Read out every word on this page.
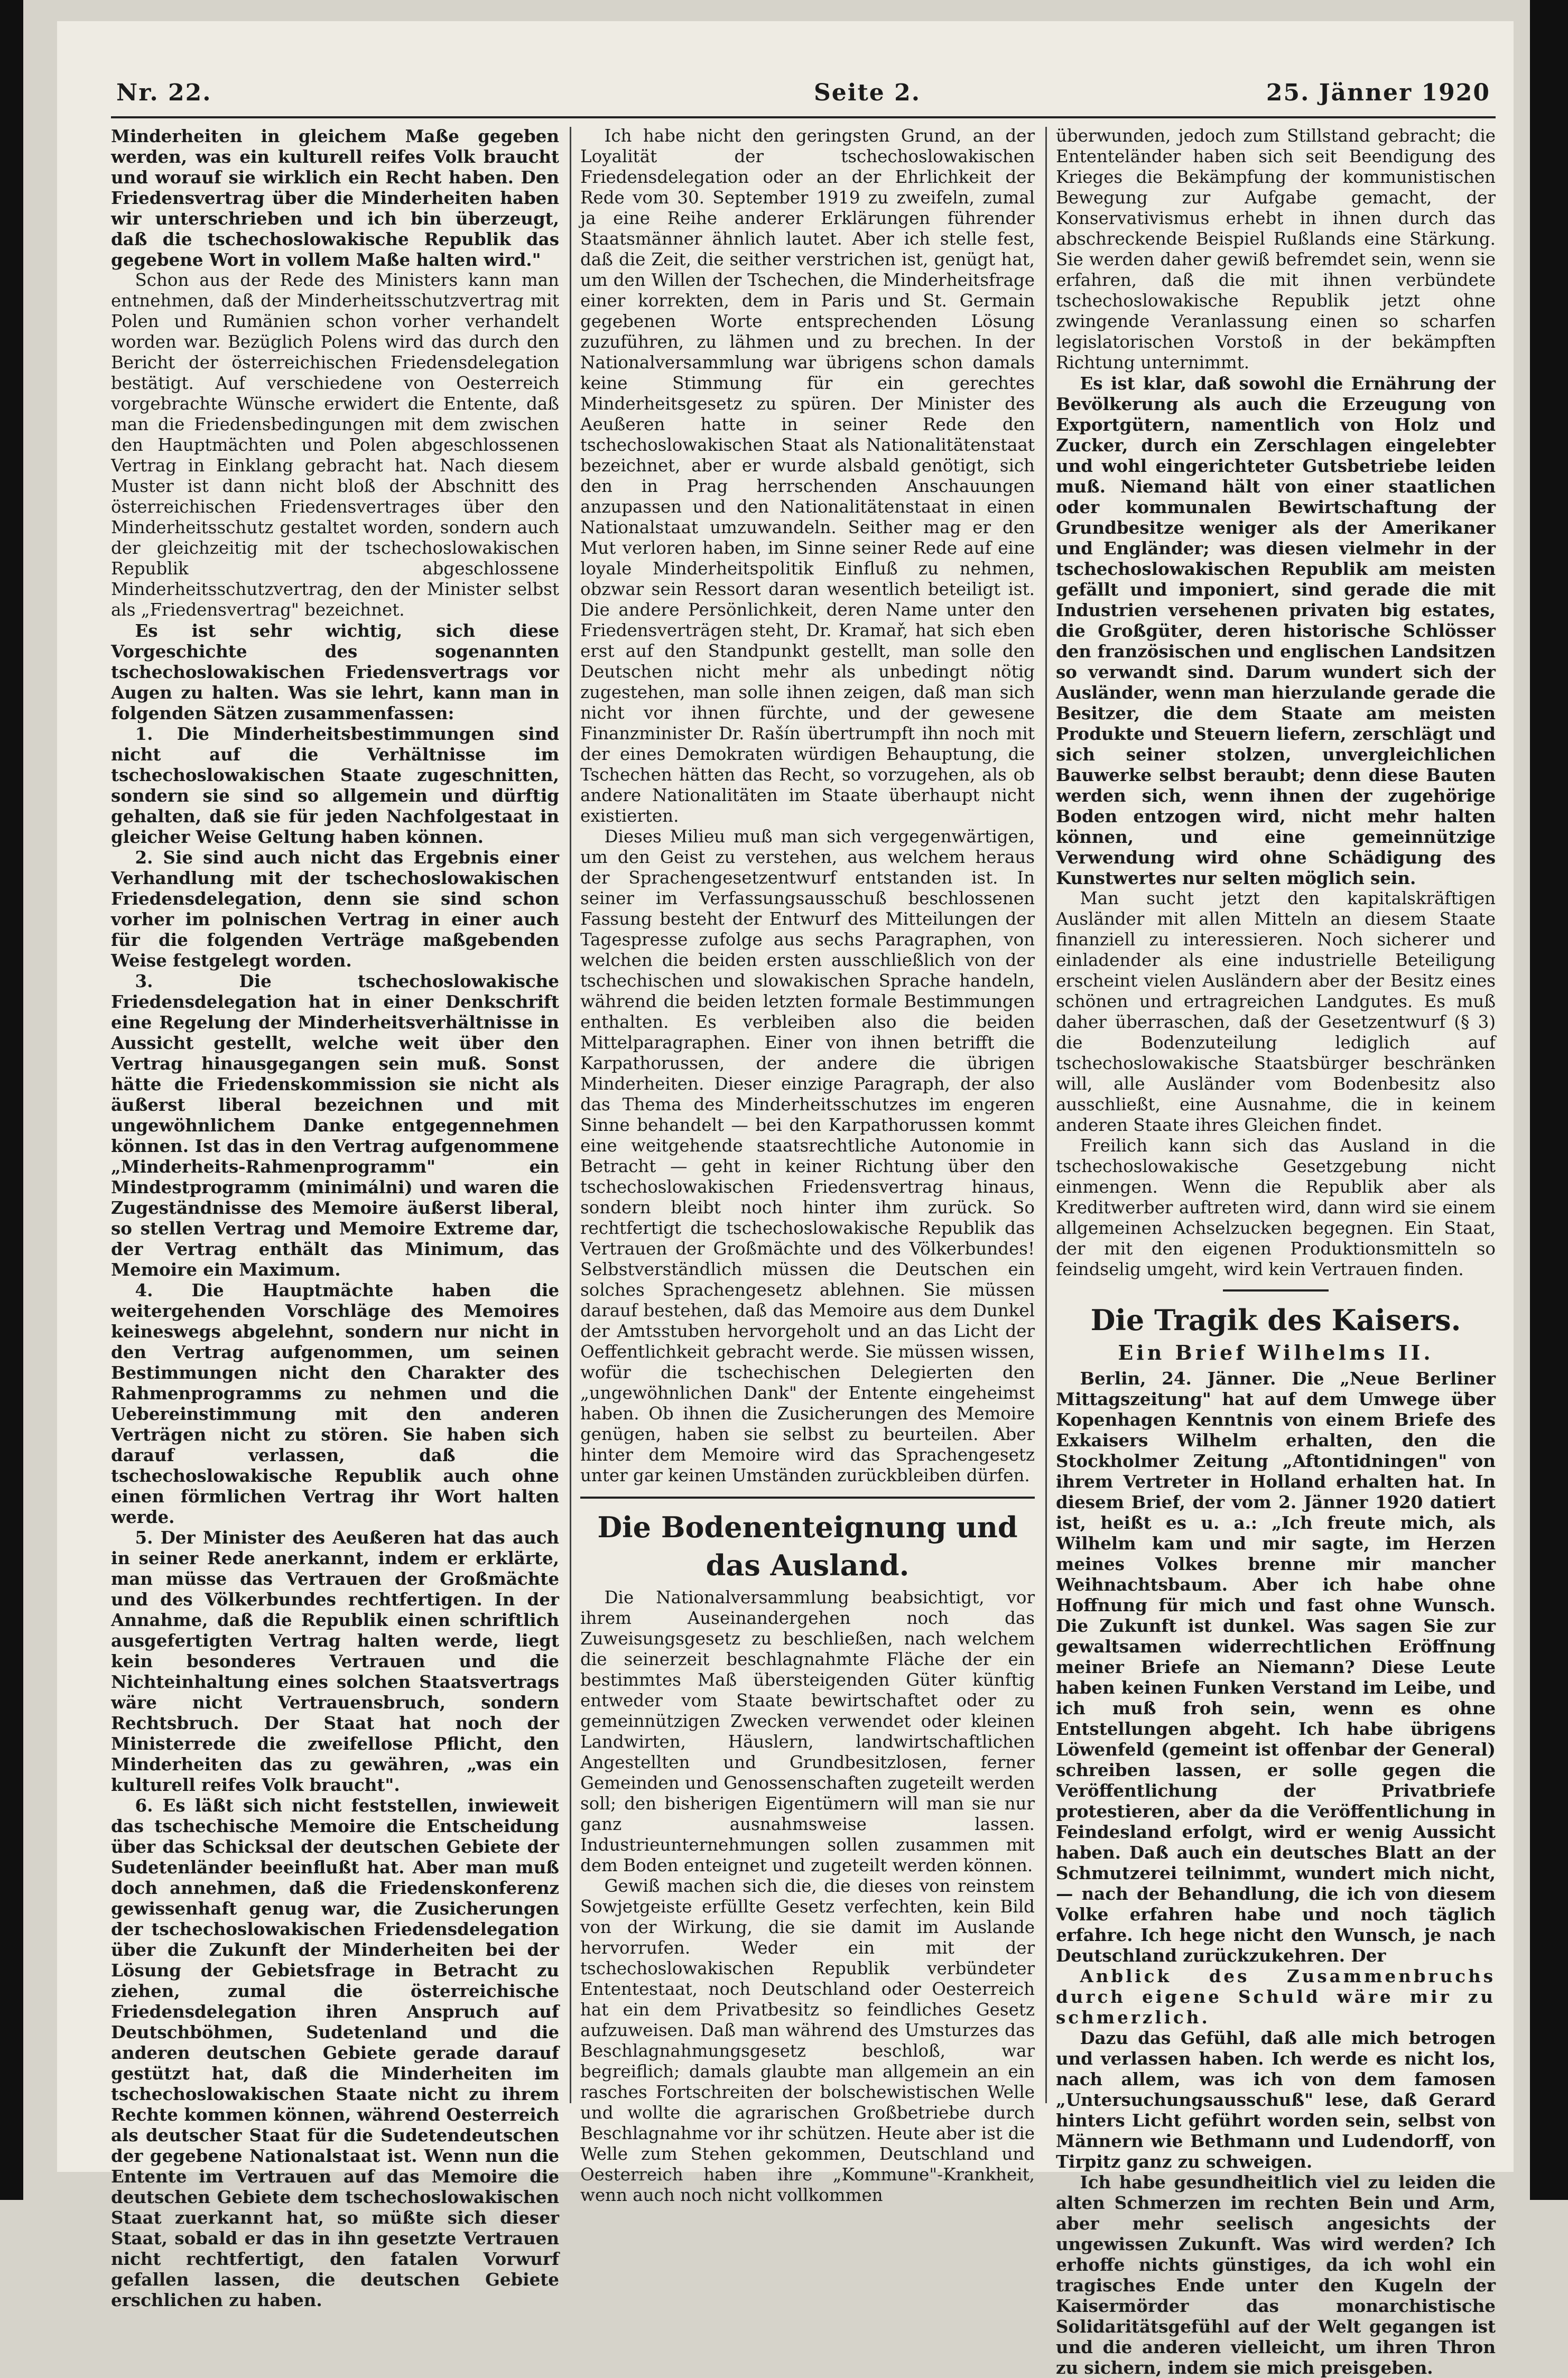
Nr. 22.	Seite 2.	25. Jänner 1920

Minderheiten in gleichem Maße gegeben werden, was ein kulturell reifes Volk braucht und worauf sie wirklich ein Recht haben. Den Friedensvertrag über die Minderheiten haben wir unterschrieben und ich bin überzeugt, daß die tschechoslowakische Republik das gegebene Wort in vollem Maße halten wird."

Schon aus der Rede des Ministers kann man entnehmen, daß der Minderheitsschutzvertrag mit Polen und Rumänien schon vorher verhandelt worden war. Bezüglich Polens wird das durch den Bericht der österreichischen Friedensdelegation bestätigt. Auf verschiedene von Oesterreich vorgebrachte Wünsche erwidert die Entente, daß man die Friedensbedingungen mit dem zwischen den Hauptmächten und Polen abgeschlossenen Vertrag in Einklang gebracht hat. Nach diesem Muster ist dann nicht bloß der Abschnitt des österreichischen Friedensvertrages über den Minderheitsschutz gestaltet worden, sondern auch der gleichzeitig mit der tschechoslowakischen Republik abgeschlossene Minderheitsschutzvertrag, den der Minister selbst als „Friedensvertrag" bezeichnet.

Es ist sehr wichtig, sich diese Vorgeschichte des sogenannten tschechoslowakischen Friedensvertrags vor Augen zu halten. Was sie lehrt, kann man in folgenden Sätzen zusammenfassen:

1. Die Minderheitsbestimmungen sind nicht auf die Verhältnisse im tschechoslowakischen Staate zugeschnitten, sondern sie sind so allgemein und dürftig gehalten, daß sie für jeden Nachfolgestaat in gleicher Weise Geltung haben können.

2. Sie sind auch nicht das Ergebnis einer Verhandlung mit der tschechoslowakischen Friedensdelegation, denn sie sind schon vorher im polnischen Vertrag in einer auch für die folgenden Verträge maßgebenden Weise festgelegt worden.

3. Die tschechoslowakische Friedensdelegation hat in einer Denkschrift eine Regelung der Minderheitsverhältnisse in Aussicht gestellt, welche weit über den Vertrag hinausgegangen sein muß. Sonst hätte die Friedenskommission sie nicht als äußerst liberal bezeichnen und mit ungewöhnlichem Danke entgegennehmen können. Ist das in den Vertrag aufgenommene „Minderheits-Rahmenprogramm" ein Mindestprogramm (minimálni) und waren die Zugeständnisse des Memoire äußerst liberal, so stellen Vertrag und Memoire Extreme dar, der Vertrag enthält das Minimum, das Memoire ein Maximum.

4. Die Hauptmächte haben die weitergehenden Vorschläge des Memoires keineswegs abgelehnt, sondern nur nicht in den Vertrag aufgenommen, um seinen Bestimmungen nicht den Charakter des Rahmenprogramms zu nehmen und die Uebereinstimmung mit den anderen Verträgen nicht zu stören. Sie haben sich darauf verlassen, daß die tschechoslowakische Republik auch ohne einen förmlichen Vertrag ihr Wort halten werde.

5. Der Minister des Aeußeren hat das auch in seiner Rede anerkannt, indem er erklärte, man müsse das Vertrauen der Großmächte und des Völkerbundes rechtfertigen. In der Annahme, daß die Republik einen schriftlich ausgefertigten Vertrag halten werde, liegt kein besonderes Vertrauen und die Nichteinhaltung eines solchen Staatsvertrags wäre nicht Vertrauensbruch, sondern Rechtsbruch. Der Staat hat noch der Ministerrede die zweifellose Pflicht, den Minderheiten das zu gewähren, „was ein kulturell reifes Volk braucht".

6. Es läßt sich nicht feststellen, inwieweit das tschechische Memoire die Entscheidung über das Schicksal der deutschen Gebiete der Sudetenländer beeinflußt hat. Aber man muß doch annehmen, daß die Friedenskonferenz gewissenhaft genug war, die Zusicherungen der tschechoslowakischen Friedensdelegation über die Zukunft der Minderheiten bei der Lösung der Gebietsfrage in Betracht zu ziehen, zumal die österreichische Friedensdelegation ihren Anspruch auf Deutschböhmen, Sudetenland und die anderen deutschen Gebiete gerade darauf gestützt hat, daß die Minderheiten im tschechoslowakischen Staate nicht zu ihrem Rechte kommen können, während Oesterreich als deutscher Staat für die Sudetendeutschen der gegebene Nationalstaat ist. Wenn nun die Entente im Vertrauen auf das Memoire die deutschen Gebiete dem tschechoslowakischen Staat zuerkannt hat, so müßte sich dieser Staat, sobald er das in ihn gesetzte Vertrauen nicht rechtfertigt, den fatalen Vorwurf gefallen lassen, die deutschen Gebiete erschlichen zu haben.

Ich habe nicht den geringsten Grund, an der Loyalität der tschechoslowakischen Friedensdelegation oder an der Ehrlichkeit der Rede vom 30. September 1919 zu zweifeln, zumal ja eine Reihe anderer Erklärungen führender Staatsmänner ähnlich lautet. Aber ich stelle fest, daß die Zeit, die seither verstrichen ist, genügt hat, um den Willen der Tschechen, die Minderheitsfrage einer korrekten, dem in Paris und St. Germain gegebenen Worte entsprechenden Lösung zuzuführen, zu lähmen und zu brechen. In der Nationalversammlung war übrigens schon damals keine Stimmung für ein gerechtes Minderheitsgesetz zu spüren. Der Minister des Aeußeren hatte in seiner Rede den tschechoslowakischen Staat als Nationalitätenstaat bezeichnet, aber er wurde alsbald genötigt, sich den in Prag herrschenden Anschauungen anzupassen und den Nationalitätenstaat in einen Nationalstaat umzuwandeln. Seither mag er den Mut verloren haben, im Sinne seiner Rede auf eine loyale Minderheitspolitik Einfluß zu nehmen, obzwar sein Ressort daran wesentlich beteiligt ist. Die andere Persönlichkeit, deren Name unter den Friedensverträgen steht, Dr. Kramař, hat sich eben erst auf den Standpunkt gestellt, man solle den Deutschen nicht mehr als unbedingt nötig zugestehen, man solle ihnen zeigen, daß man sich nicht vor ihnen fürchte, und der gewesene Finanzminister Dr. Rašín übertrumpft ihn noch mit der eines Demokraten würdigen Behauptung, die Tschechen hätten das Recht, so vorzugehen, als ob andere Nationalitäten im Staate überhaupt nicht existierten.

Dieses Milieu muß man sich vergegenwärtigen, um den Geist zu verstehen, aus welchem heraus der Sprachengesetzentwurf entstanden ist. In seiner im Verfassungsausschuß beschlossenen Fassung besteht der Entwurf des Mitteilungen der Tagespresse zufolge aus sechs Paragraphen, von welchen die beiden ersten ausschließlich von der tschechischen und slowakischen Sprache handeln, während die beiden letzten formale Bestimmungen enthalten. Es verbleiben also die beiden Mittelparagraphen. Einer von ihnen betrifft die Karpathorussen, der andere die übrigen Minderheiten. Dieser einzige Paragraph, der also das Thema des Minderheitsschutzes im engeren Sinne behandelt — bei den Karpathorussen kommt eine weitgehende staatsrechtliche Autonomie in Betracht — geht in keiner Richtung über den tschechoslowakischen Friedensvertrag hinaus, sondern bleibt noch hinter ihm zurück. So rechtfertigt die tschechoslowakische Republik das Vertrauen der Großmächte und des Völkerbundes! Selbstverständlich müssen die Deutschen ein solches Sprachengesetz ablehnen. Sie müssen darauf bestehen, daß das Memoire aus dem Dunkel der Amtsstuben hervorgeholt und an das Licht der Oeffentlichkeit gebracht werde. Sie müssen wissen, wofür die tschechischen Delegierten den „ungewöhnlichen Dank" der Entente eingeheimst haben. Ob ihnen die Zusicherungen des Memoire genügen, haben sie selbst zu beurteilen. Aber hinter dem Memoire wird das Sprachengesetz unter gar keinen Umständen zurückbleiben dürfen.

Die Bodenenteignung und das Ausland.

Die Nationalversammlung beabsichtigt, vor ihrem Auseinandergehen noch das Zuweisungsgesetz zu beschließen, nach welchem die seinerzeit beschlagnahmte Fläche der ein bestimmtes Maß übersteigenden Güter künftig entweder vom Staate bewirtschaftet oder zu gemeinnützigen Zwecken verwendet oder kleinen Landwirten, Häuslern, landwirtschaftlichen Angestellten und Grundbesitzlosen, ferner Gemeinden und Genossenschaften zugeteilt werden soll; den bisherigen Eigentümern will man sie nur ganz ausnahmsweise lassen. Industrieunternehmungen sollen zusammen mit dem Boden enteignet und zugeteilt werden können.

Gewiß machen sich die, die dieses von reinstem Sowjetgeiste erfüllte Gesetz verfechten, kein Bild von der Wirkung, die sie damit im Auslande hervorrufen. Weder ein mit der tschechoslowakischen Republik verbündeter Ententestaat, noch Deutschland oder Oesterreich hat ein dem Privatbesitz so feindliches Gesetz aufzuweisen. Daß man während des Umsturzes das Beschlagnahmungsgesetz beschloß, war begreiflich; damals glaubte man allgemein an ein rasches Fortschreiten der bolschewistischen Welle und wollte die agrarischen Großbetriebe durch Beschlagnahme vor ihr schützen. Heute aber ist die Welle zum Stehen gekommen, Deutschland und Oesterreich haben ihre „Kommune"-Krankheit, wenn auch noch nicht vollkommen

überwunden, jedoch zum Stillstand gebracht; die Ententeländer haben sich seit Beendigung des Krieges die Bekämpfung der kommunistischen Bewegung zur Aufgabe gemacht, der Konservativismus erhebt in ihnen durch das abschreckende Beispiel Rußlands eine Stärkung. Sie werden daher gewiß befremdet sein, wenn sie erfahren, daß die mit ihnen verbündete tschechoslowakische Republik jetzt ohne zwingende Veranlassung einen so scharfen legislatorischen Vorstoß in der bekämpften Richtung unternimmt.

Es ist klar, daß sowohl die Ernährung der Bevölkerung als auch die Erzeugung von Exportgütern, namentlich von Holz und Zucker, durch ein Zerschlagen eingelebter und wohl eingerichteter Gutsbetriebe leiden muß. Niemand hält von einer staatlichen oder kommunalen Bewirtschaftung der Grundbesitze weniger als der Amerikaner und Engländer; was diesen vielmehr in der tschechoslowakischen Republik am meisten gefällt und imponiert, sind gerade die mit Industrien versehenen privaten big estates, die Großgüter, deren historische Schlösser den französischen und englischen Landsitzen so verwandt sind. Darum wundert sich der Ausländer, wenn man hierzulande gerade die Besitzer, die dem Staate am meisten Produkte und Steuern liefern, zerschlägt und sich seiner stolzen, unvergleichlichen Bauwerke selbst beraubt; denn diese Bauten werden sich, wenn ihnen der zugehörige Boden entzogen wird, nicht mehr halten können, und eine gemeinnützige Verwendung wird ohne Schädigung des Kunstwertes nur selten möglich sein.

Man sucht jetzt den kapitalskräftigen Ausländer mit allen Mitteln an diesem Staate finanziell zu interessieren. Noch sicherer und einladender als eine industrielle Beteiligung erscheint vielen Ausländern aber der Besitz eines schönen und ertragreichen Landgutes. Es muß daher überraschen, daß der Gesetzentwurf (§ 3) die Bodenzuteilung lediglich auf tschechoslowakische Staatsbürger beschränken will, alle Ausländer vom Bodenbesitz also ausschließt, eine Ausnahme, die in keinem anderen Staate ihres Gleichen findet.

Freilich kann sich das Ausland in die tschechoslowakische Gesetzgebung nicht einmengen. Wenn die Republik aber als Kreditwerber auftreten wird, dann wird sie einem allgemeinen Achselzucken begegnen. Ein Staat, der mit den eigenen Produktionsmitteln so feindselig umgeht, wird kein Vertrauen finden.

Die Tragik des Kaisers.
Ein Brief Wilhelms II.

Berlin, 24. Jänner. Die „Neue Berliner Mittagszeitung" hat auf dem Umwege über Kopenhagen Kenntnis von einem Briefe des Exkaisers Wilhelm erhalten, den die Stockholmer Zeitung „Aftontidningen" von ihrem Vertreter in Holland erhalten hat. In diesem Brief, der vom 2. Jänner 1920 datiert ist, heißt es u. a.: „Ich freute mich, als Wilhelm kam und mir sagte, im Herzen meines Volkes brenne mir mancher Weihnachtsbaum. Aber ich habe ohne Hoffnung für mich und fast ohne Wunsch. Die Zukunft ist dunkel. Was sagen Sie zur gewaltsamen widerrechtlichen Eröffnung meiner Briefe an Niemann? Diese Leute haben keinen Funken Verstand im Leibe, und ich muß froh sein, wenn es ohne Entstellungen abgeht. Ich habe übrigens Löwenfeld (gemeint ist offenbar der General) schreiben lassen, er solle gegen die Veröffentlichung der Privatbriefe protestieren, aber da die Veröffentlichung in Feindesland erfolgt, wird er wenig Aussicht haben. Daß auch ein deutsches Blatt an der Schmutzerei teilnimmt, wundert mich nicht, — nach der Behandlung, die ich von diesem Volke erfahren habe und noch täglich erfahre. Ich hege nicht den Wunsch, je nach Deutschland zurückzukehren. Der

Anblick des Zusammenbruchs durch eigene Schuld wäre mir zu schmerzlich.

Dazu das Gefühl, daß alle mich betrogen und verlassen haben. Ich werde es nicht los, nach allem, was ich von dem famosen „Untersuchungsausschuß" lese, daß Gerard hinters Licht geführt worden sein, selbst von Männern wie Bethmann und Ludendorff, von Tirpitz ganz zu schweigen.

Ich habe gesundheitlich viel zu leiden die alten Schmerzen im rechten Bein und Arm, aber mehr seelisch angesichts der ungewissen Zukunft. Was wird werden? Ich erhoffe nichts günstiges, da ich wohl ein tragisches Ende unter den Kugeln der Kaisermörder das monarchistische Solidaritätsgefühl auf der Welt gegangen ist und die anderen vielleicht, um ihren Thron zu sichern, indem sie mich preisgeben.
